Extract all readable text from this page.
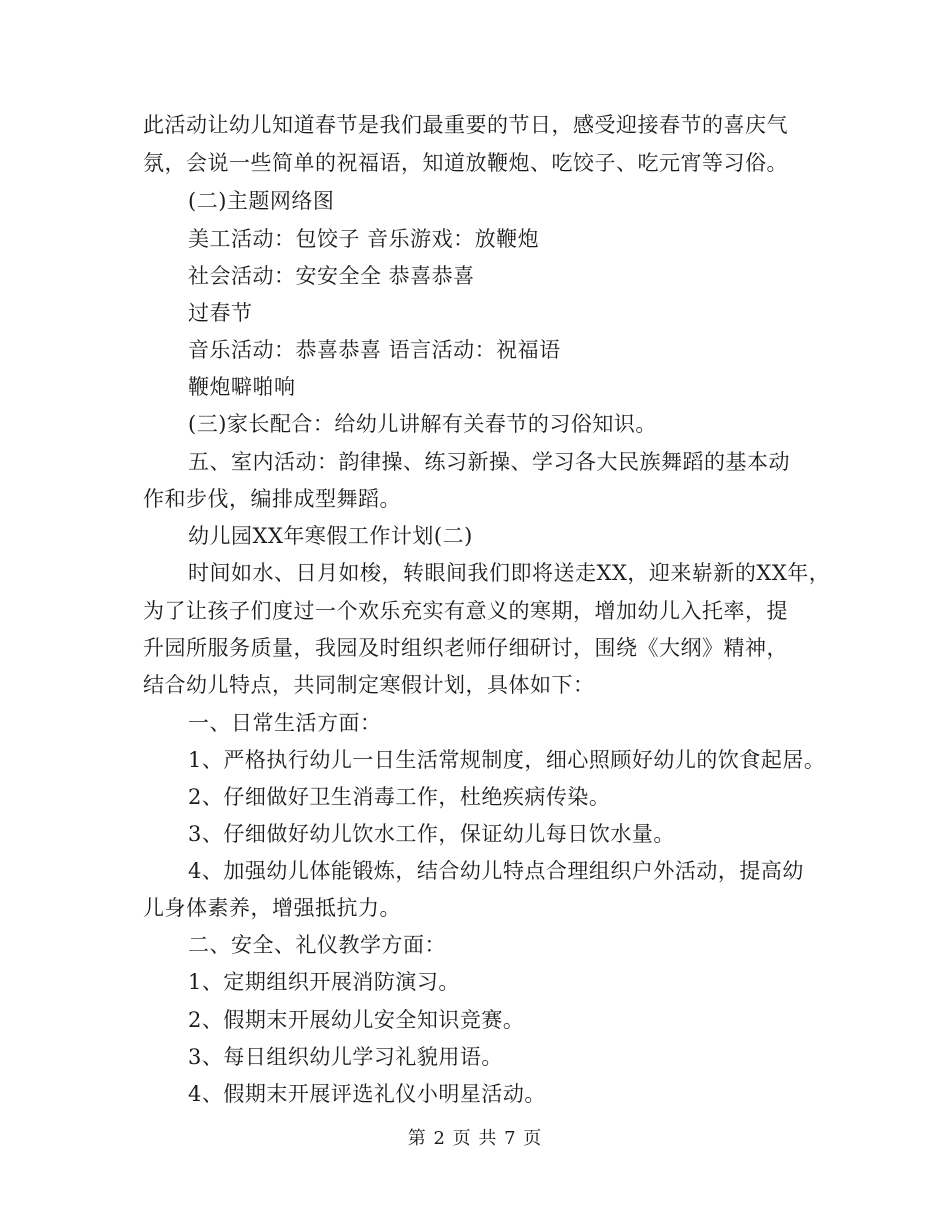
此活动让幼儿知道春节是我们最重要的节日，感受迎接春节的喜庆气
氛，会说一些简单的祝福语，知道放鞭炮、吃饺子、吃元宵等习俗。
(二)主题网络图
美工活动：包饺子 音乐游戏：放鞭炮
社会活动：安安全全 恭喜恭喜
过春节
音乐活动：恭喜恭喜 语言活动：祝福语
鞭炮噼啪响
(三)家长配合：给幼儿讲解有关春节的习俗知识。
五、室内活动：韵律操、练习新操、学习各大民族舞蹈的基本动
作和步伐，编排成型舞蹈。
幼儿园XX年寒假工作计划(二)
时间如水、日月如梭，转眼间我们即将送走XX，迎来崭新的XX年，
为了让孩子们度过一个欢乐充实有意义的寒期，增加幼儿入托率，提
升园所服务质量，我园及时组织老师仔细研讨，围绕《大纲》精神，
结合幼儿特点，共同制定寒假计划，具体如下：
一、日常生活方面：
1、严格执行幼儿一日生活常规制度，细心照顾好幼儿的饮食起居。
2、仔细做好卫生消毒工作，杜绝疾病传染。
3、仔细做好幼儿饮水工作，保证幼儿每日饮水量。
4、加强幼儿体能锻炼，结合幼儿特点合理组织户外活动，提高幼
儿身体素养，增强抵抗力。
二、安全、礼仪教学方面：
1、定期组织开展消防演习。
2、假期末开展幼儿安全知识竞赛。
3、每日组织幼儿学习礼貌用语。
4、假期末开展评选礼仪小明星活动。
第 2 页 共 7 页
